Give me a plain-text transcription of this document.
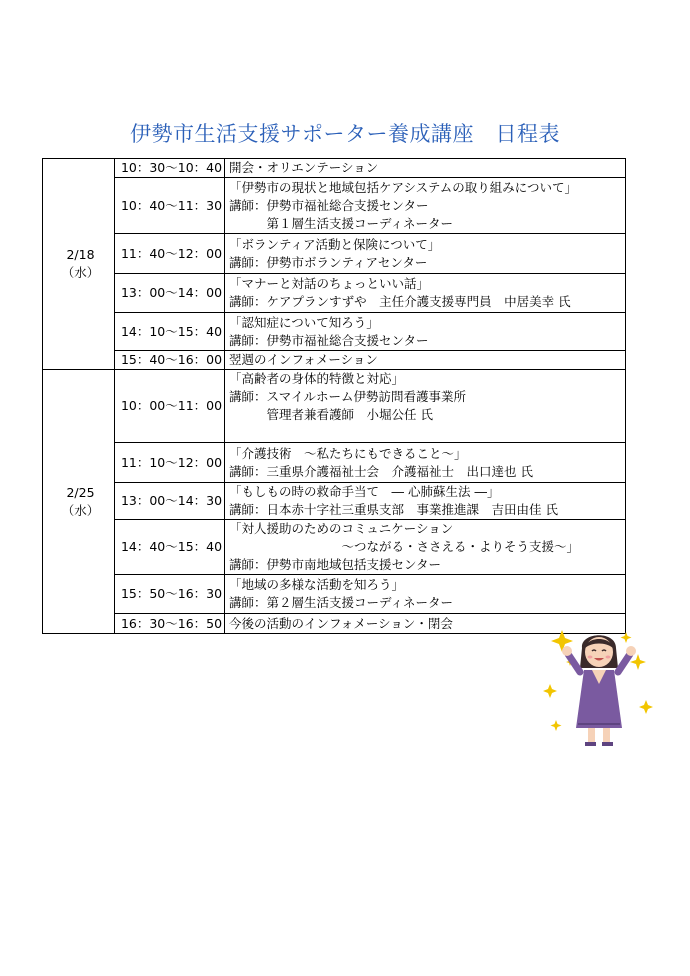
伊勢市生活支援サポーター養成講座　日程表
2/18
（水）	10：30～10：40	開会・オリエンテーション

	10：40～11：30	「伊勢市の現状と地域包括ケアシステムの取り組みについて」
講師：伊勢市福祉総合支援センター
　　　第１層生活支援コーディネーター

	11：40～12：00	「ボランティア活動と保険について」
講師：伊勢市ボランティアセンター

	13：00～14：00	「マナーと対話のちょっといい話」
講師：ケアプランすずや　主任介護支援専門員　中居美幸 氏

	14：10～15：40	「認知症について知ろう」
講師：伊勢市福祉総合支援センター

	15：40～16：00	翌週のインフォメーション

2/25
（水）	10：00～11：00	「高齢者の身体的特徴と対応」
講師：スマイルホーム伊勢訪問看護事業所
　　　管理者兼看護師　小堀公任 氏

	11：10～12：00	「介護技術　～私たちにもできること～」
講師：三重県介護福祉士会　介護福祉士　出口達也 氏

	13：00～14：30	「もしもの時の救命手当て　― 心肺蘇生法 ―」
講師：日本赤十字社三重県支部　事業推進課　吉田由佳 氏

	14：40～15：40	「対人援助のためのコミュニケーション
　　　　　　　　　～つながる・ささえる・よりそう支援～」
講師：伊勢市南地域包括支援センター

	15：50～16：30	「地域の多様な活動を知ろう」
講師：第２層生活支援コーディネーター

	16：30～16：50	今後の活動のインフォメーション・閉会
